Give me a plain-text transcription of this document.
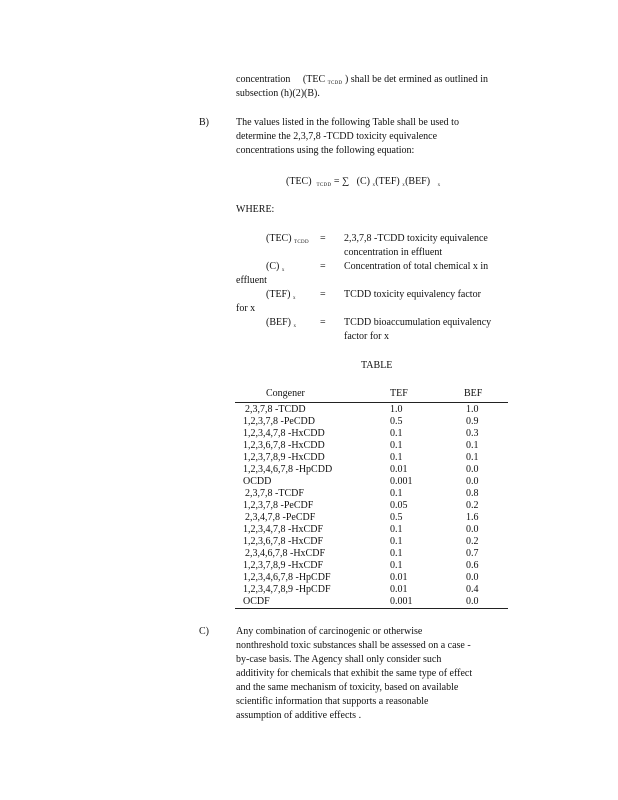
concentration (TEC $_{TCDD}$ ) shall be det ermined as outlined in
subsection (h)(2)(B).
B)	The values listed in the following Table shall be used to
determine the 2,3,7,8 -TCDD toxicity equivalence
concentrations using the following equation:
(TEC) $_{TCDD}$ = ∑ (C) $_x$(TEF) $_x$(BEF) $_x$
WHERE:
(TEC) $_{TCDD}$ = 2,3,7,8 -TCDD toxicity equivalence
concentration in effluent
(C) $_x$	= Concentration of total chemical x in
effluent
(TEF) $_x$ = TCDD toxicity equivalency factor
for x
(BEF) $_x$ = TCDD bioaccumulation equivalency
factor for x
TABLE
Congener	TEF	BEF
2,3,7,8 -TCDD	1.0	1.0
1,2,3,7,8 -PeCDD	0.5	0.9
1,2,3,4,7,8 -HxCDD	0.1	0.3
1,2,3,6,7,8 -HxCDD	0.1	0.1
1,2,3,7,8,9 -HxCDD	0.1	0.1
1,2,3,4,6,7,8 -HpCDD	0.01	0.0
OCDD	0.001	0.0
2,3,7,8 -TCDF	0.1	0.8
1,2,3,7,8 -PeCDF	0.05	0.2
2,3,4,7,8 -PeCDF	0.5	1.6
1,2,3,4,7,8 -HxCDF	0.1	0.0
1,2,3,6,7,8 -HxCDF	0.1	0.2
2,3,4,6,7,8 -HxCDF	0.1	0.7
1,2,3,7,8,9 -HxCDF	0.1	0.6
1,2,3,4,6,7,8 -HpCDF	0.01	0.0
1,2,3,4,7,8,9 -HpCDF	0.01	0.4
OCDF	0.001	0.0
C)	Any combination of carcinogenic or otherwise
nonthreshold toxic substances shall be assessed on a case -
by-case basis. The Agency shall only consider such
additivity for chemicals that exhibit the same type of effect
and the same mechanism of toxicity, based on available
scientific information that supports a reasonable
assumption of additive effects .
